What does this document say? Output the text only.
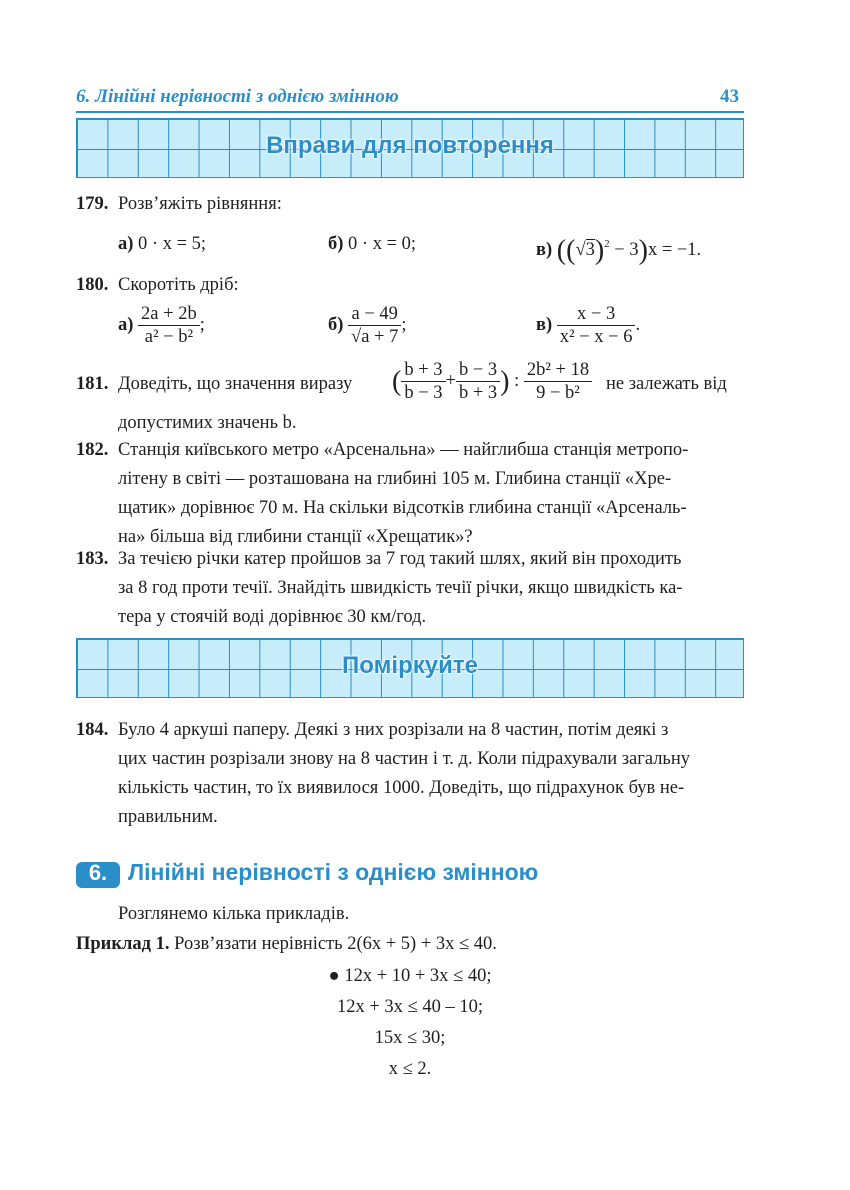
6. Лінійні нерівності з однією змінною	43
Вправи для повторення
179. Розв’яжіть рівняння:
а) 0 · x = 5;	б) 0 · x = 0;	в) $((√3)^2 - 3)x = -1$.
180. Скоротіть дріб:
$а) \frac{2a + 2b}{\text{a² − b²}}$ ;	$б) \frac{a - 49}{√a + 7}$ ;	$в) \frac{x - 3}{\text{x² − x − 6}}$ .
181. Доведіть, що значення виразу ( $\frac{b + 3}{b - 3} + \frac{b - 3}{b + 3}$ ) : $\frac{\text{2b² + 18}}{\text{9 − b²}}$ не залежать від
допустимих значень b.
182. Станція київського метро «Арсенальна» — найглибша станція метропо-
літену в світі — розташована на глибині 105 м. Глибина станції «Хре-
щатик» дорівнює 70 м. На скільки відсотків глибина станції «Арсеналь-
на» більша від глибини станції «Хрещатик»?
183. За течією річки катер пройшов за 7 год такий шлях, який він проходить
за 8 год проти течії. Знайдіть швидкість течії річки, якщо швидкість ка-
тера у стоячій воді дорівнює 30 км/год.
Поміркуйте
184. Було 4 аркуші паперу. Деякі з них розрізали на 8 частин, потім деякі з
цих частин розрізали знову на 8 частин і т. д. Коли підрахували загальну
кількість частин, то їх виявилося 1000. Доведіть, що підрахунок був не-
правильним.
6. Лінійні нерівності з однією змінною
Розглянемо кілька прикладів.
Приклад 1. Розв’язати нерівність 2(6x + 5) + 3x ≤ 40.
● 12x + 10 + 3x ≤ 40;
12x + 3x ≤ 40 – 10;
15x ≤ 30;
x ≤ 2.
